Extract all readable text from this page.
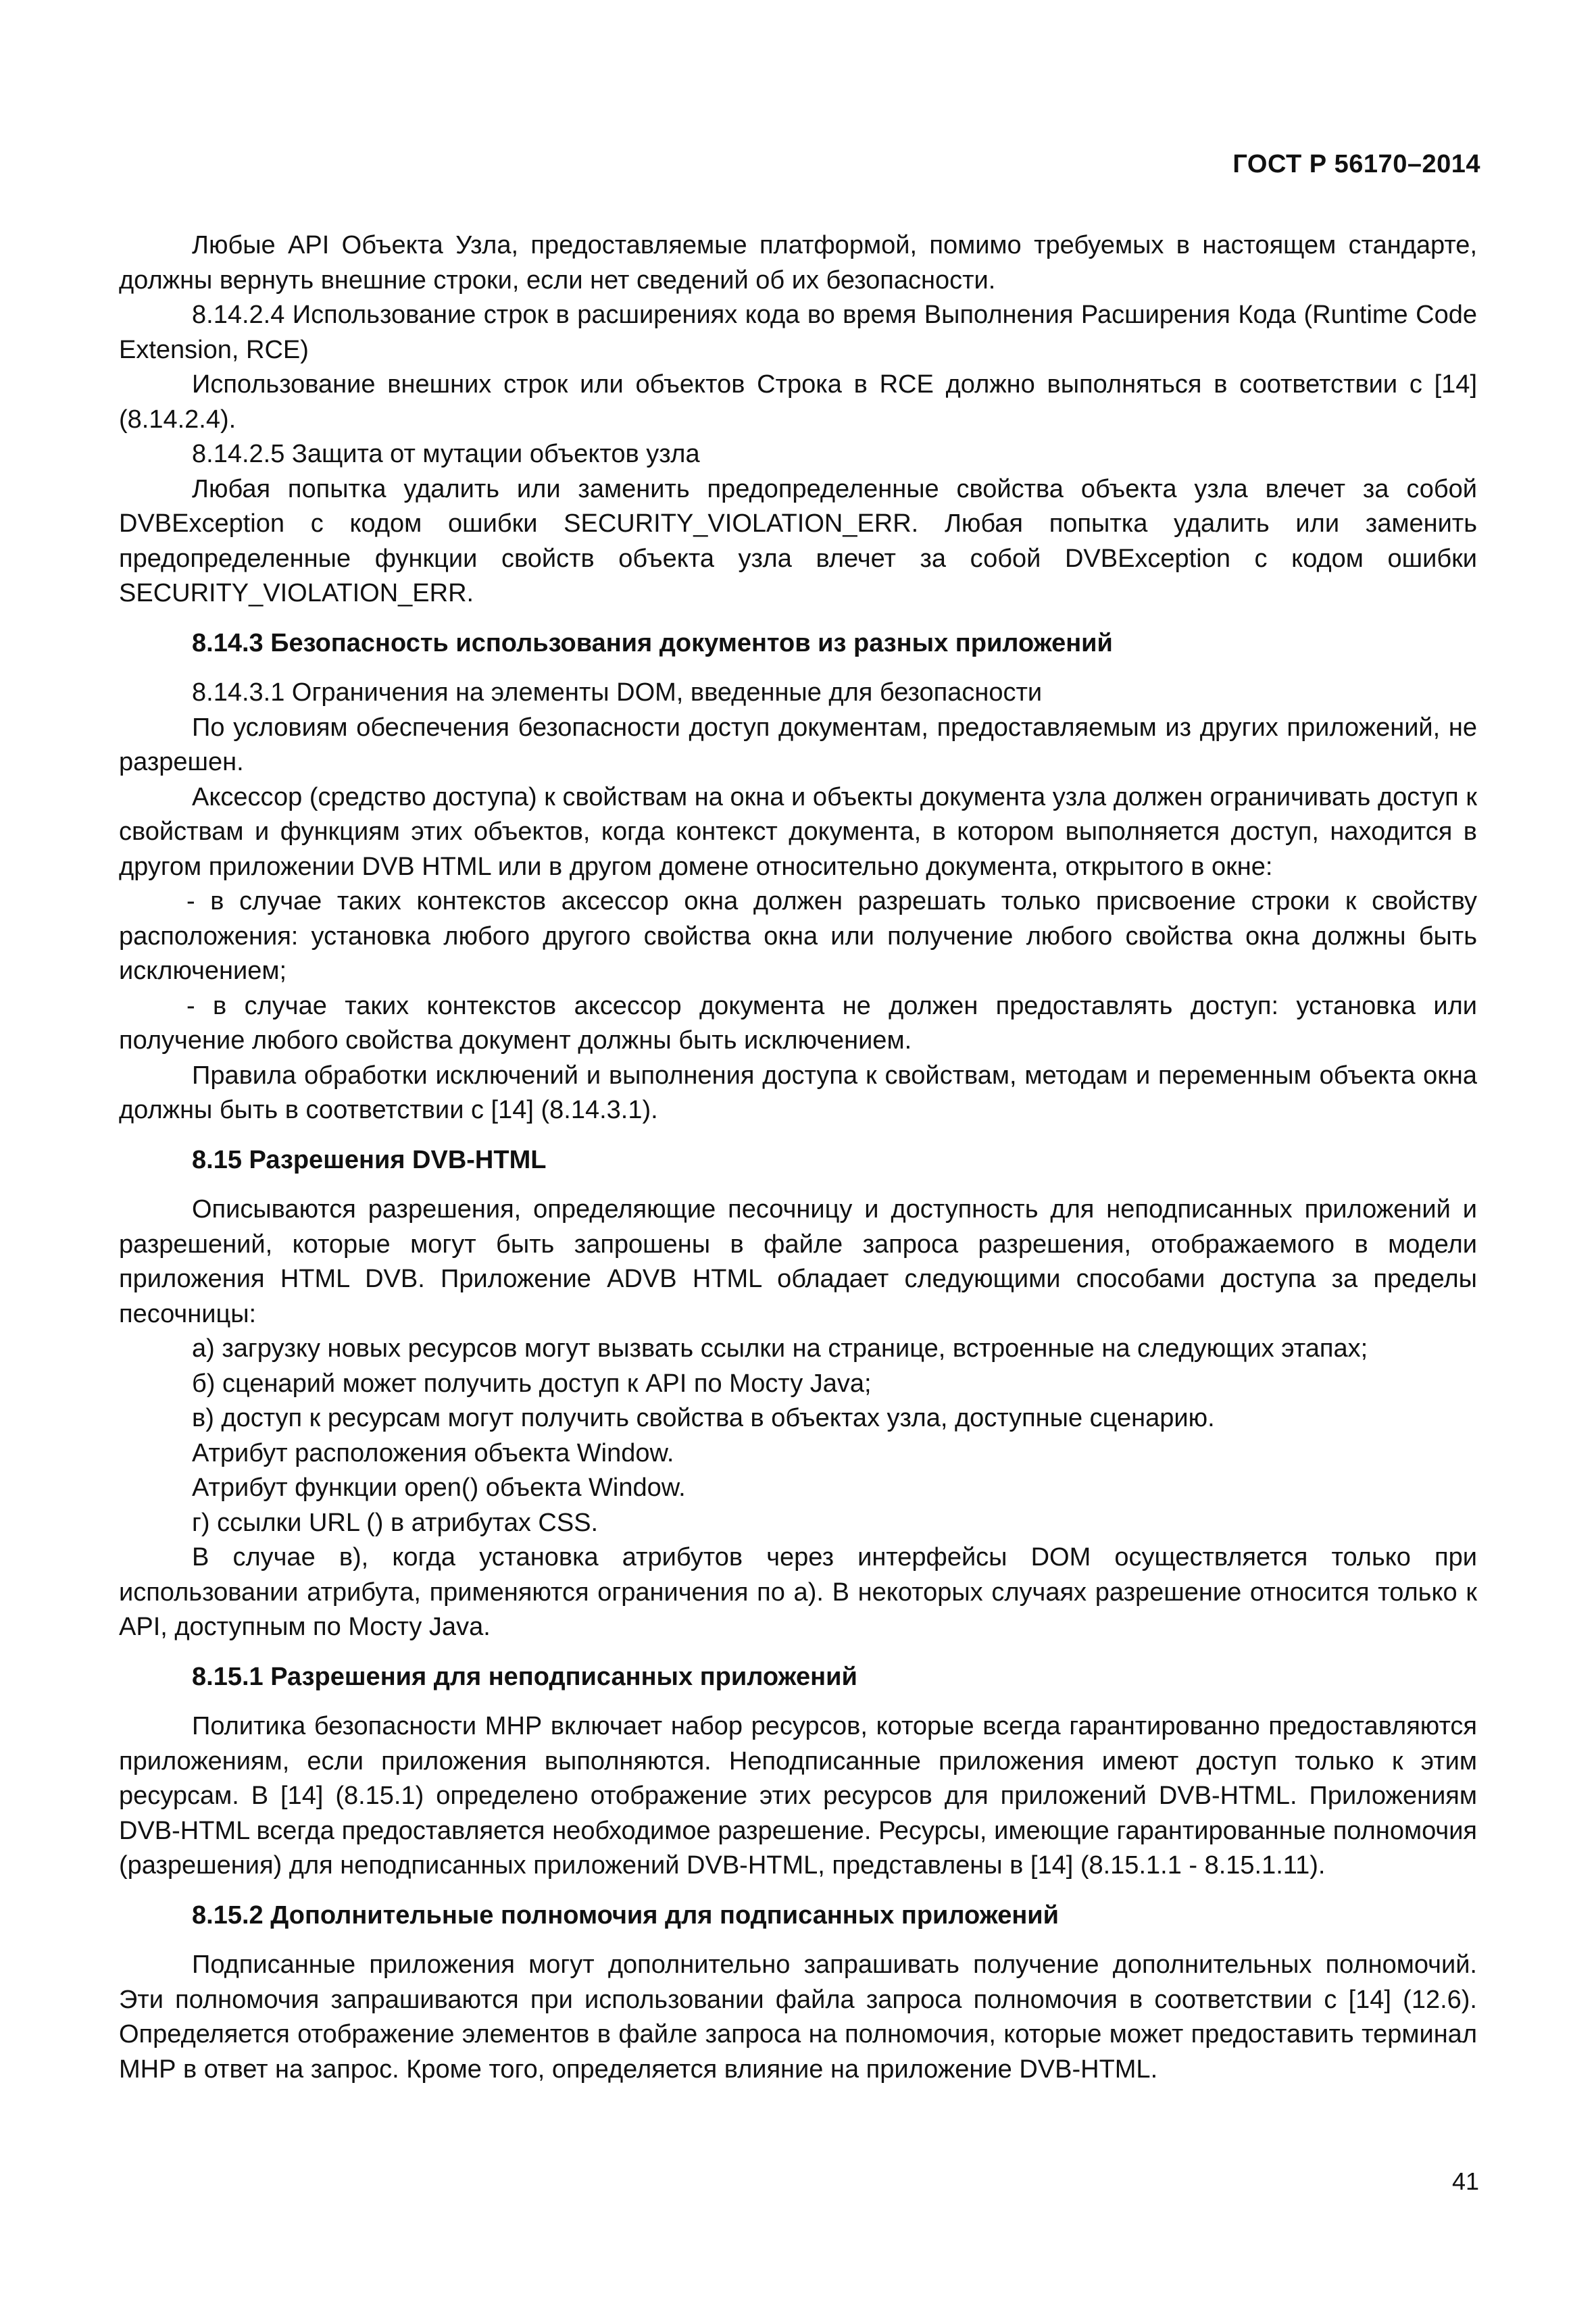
ГОСТ Р 56170–2014

Любые API Объекта Узла, предоставляемые платформой, помимо требуемых в настоящем стандарте, должны вернуть внешние строки, если нет сведений об их безопасности.

8.14.2.4 Использование строк в расширениях кода во время Выполнения Расширения Кода (Runtime Code Extension, RCE)

Использование внешних строк или объектов Строка в RCE должно выполняться в соответствии с [14] (8.14.2.4).

8.14.2.5 Защита от мутации объектов узла

Любая попытка удалить или заменить предопределенные свойства объекта узла влечет за собой DVBException с кодом ошибки SECURITY_VIOLATION_ERR. Любая попытка удалить или заменить предопределенные функции свойств объекта узла влечет за собой DVBException с кодом ошибки SECURITY_VIOLATION_ERR.

8.14.3 Безопасность использования документов из разных приложений

8.14.3.1 Ограничения на элементы DOM, введенные для безопасности

По условиям обеспечения безопасности доступ документам, предоставляемым из других приложений, не разрешен.

Аксессор (средство доступа) к свойствам на окна и объекты документа узла должен ограничивать доступ к свойствам и функциям этих объектов, когда контекст документа, в котором выполняется доступ, находится в другом приложении DVB HTML или в другом домене относительно документа, открытого в окне:

- в случае таких контекстов аксессор окна должен разрешать только присвоение строки к свойству расположения: установка любого другого свойства окна или получение любого свойства окна должны быть исключением;

- в случае таких контекстов аксессор документа не должен предоставлять доступ: установка или получение любого свойства документ должны быть исключением.

Правила обработки исключений и выполнения доступа к свойствам, методам и переменным объекта окна должны быть в соответствии с [14] (8.14.3.1).

8.15 Разрешения DVB-HTML

Описываются разрешения, определяющие песочницу и доступность для неподписанных приложений и разрешений, которые могут быть запрошены в файле запроса разрешения, отображаемого в модели приложения HTML DVB. Приложение ADVB HTML обладает следующими способами доступа за пределы песочницы:

а) загрузку новых ресурсов могут вызвать ссылки на странице, встроенные на следующих этапах;

б) сценарий может получить доступ к API по Мосту Java;

в) доступ к ресурсам могут получить свойства в объектах узла, доступные сценарию.

Атрибут расположения объекта Window.

Атрибут функции open() объекта Window.

г) ссылки URL () в атрибутах CSS.

В случае в), когда установка атрибутов через интерфейсы DOM осуществляется только при использовании атрибута, применяются ограничения по а). В некоторых случаях разрешение относится только к API, доступным по Мосту Java.

8.15.1 Разрешения для неподписанных приложений

Политика безопасности МНР включает набор ресурсов, которые всегда гарантированно предоставляются приложениям, если приложения выполняются. Неподписанные приложения имеют доступ только к этим ресурсам. В [14] (8.15.1) определено отображение этих ресурсов для приложений DVB-HTML. Приложениям DVB-HTML всегда предоставляется необходимое разрешение. Ресурсы, имеющие гарантированные полномочия (разрешения) для неподписанных приложений DVB-HTML, представлены в [14] (8.15.1.1 - 8.15.1.11).

8.15.2 Дополнительные полномочия для подписанных приложений

Подписанные приложения могут дополнительно запрашивать получение дополнительных полномочий. Эти полномочия запрашиваются при использовании файла запроса полномочия в соответствии с [14] (12.6). Определяется отображение элементов в файле запроса на полномочия, которые может предоставить терминал МНР в ответ на запрос. Кроме того, определяется влияние на приложение DVB-HTML.

41
